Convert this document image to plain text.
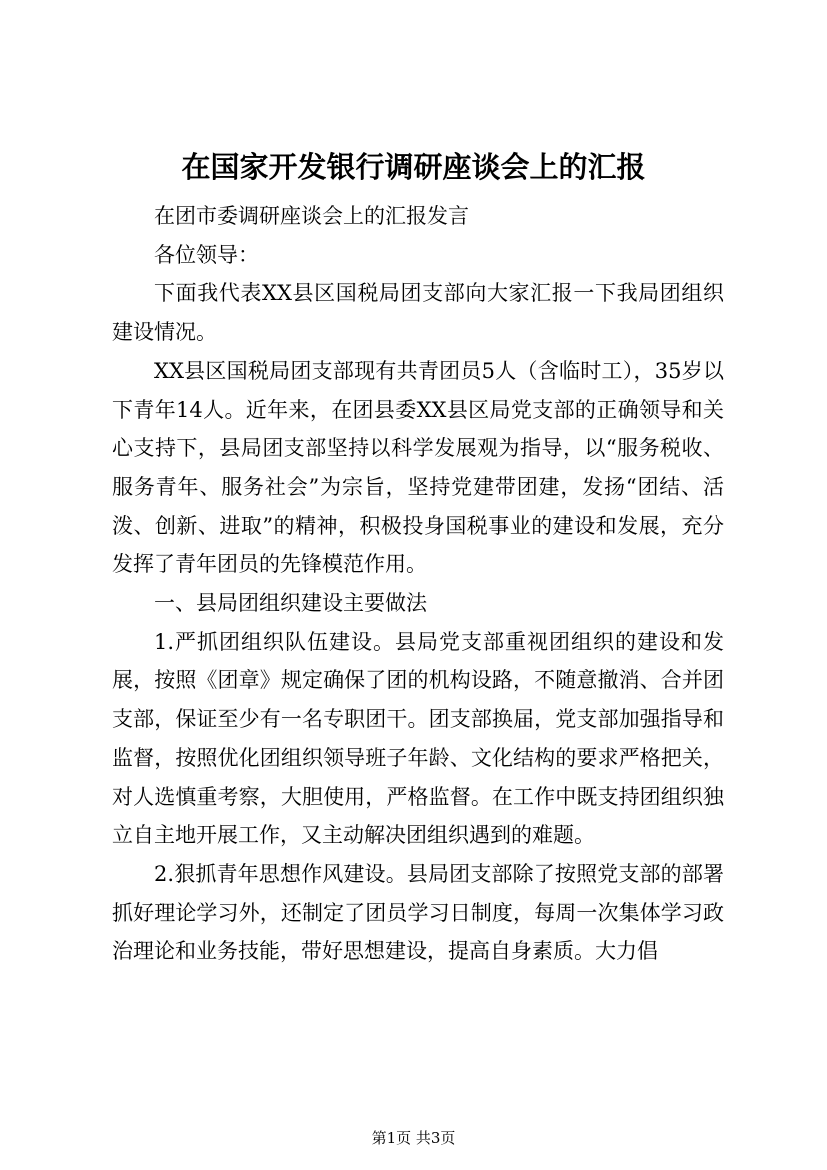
在国家开发银行调研座谈会上的汇报

在团市委调研座谈会上的汇报发言

各位领导：

下面我代表XX县区国税局团支部向大家汇报一下我局团组织建设情况。

XX县区国税局团支部现有共青团员5人（含临时工），35岁以下青年14人。近年来，在团县委XX县区局党支部的正确领导和关心支持下，县局团支部坚持以科学发展观为指导，以“服务税收、服务青年、服务社会”为宗旨，坚持党建带团建，发扬“团结、活泼、创新、进取”的精神，积极投身国税事业的建设和发展，充分发挥了青年团员的先锋模范作用。

一、县局团组织建设主要做法

1.严抓团组织队伍建设。县局党支部重视团组织的建设和发展，按照《团章》规定确保了团的机构设路，不随意撤消、合并团支部，保证至少有一名专职团干。团支部换届，党支部加强指导和监督，按照优化团组织领导班子年龄、文化结构的要求严格把关，对人选慎重考察，大胆使用，严格监督。在工作中既支持团组织独立自主地开展工作，又主动解决团组织遇到的难题。

2.狠抓青年思想作风建设。县局团支部除了按照党支部的部署抓好理论学习外，还制定了团员学习日制度，每周一次集体学习政治理论和业务技能，带好思想建设，提高自身素质。大力倡

第1页 共3页
